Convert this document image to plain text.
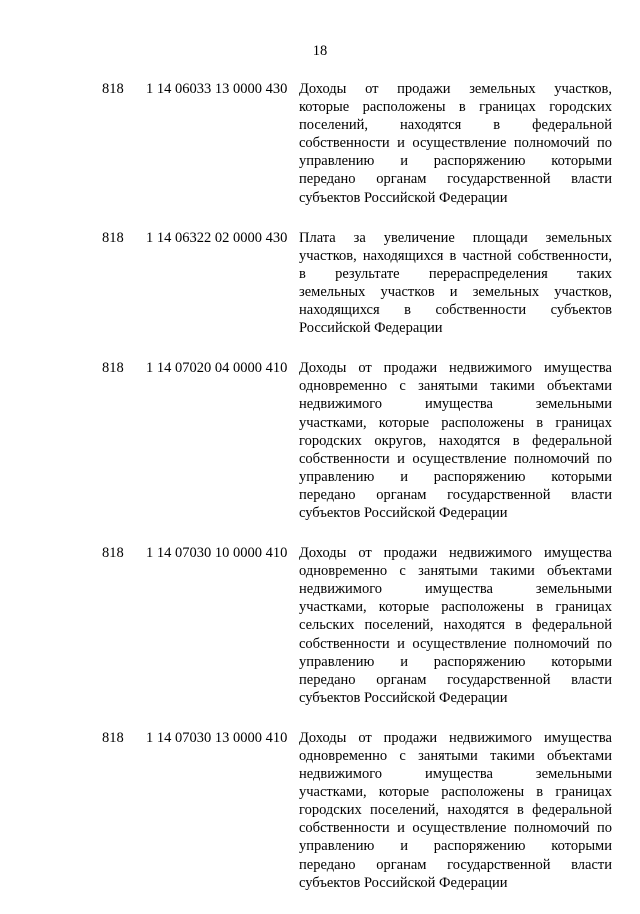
18
818 1 14 06033 13 0000 430 Доходы от продажи земельных участков,
которые расположены в границах городских
поселений, находятся в федеральной
собственности и осуществление полномочий по
управлению и распоряжению которыми
передано органам государственной власти
субъектов Российской Федерации
818 1 14 06322 02 0000 430 Плата за увеличение площади земельных
участков, находящихся в частной собственности,
в результате перераспределения таких
земельных участков и земельных участков,
находящихся в собственности субъектов
Российской Федерации
818 1 14 07020 04 0000 410 Доходы от продажи недвижимого имущества
одновременно с занятыми такими объектами
недвижимого имущества земельными
участками, которые расположены в границах
городских округов, находятся в федеральной
собственности и осуществление полномочий по
управлению и распоряжению которыми
передано органам государственной власти
субъектов Российской Федерации
818 1 14 07030 10 0000 410 Доходы от продажи недвижимого имущества
одновременно с занятыми такими объектами
недвижимого имущества земельными
участками, которые расположены в границах
сельских поселений, находятся в федеральной
собственности и осуществление полномочий по
управлению и распоряжению которыми
передано органам государственной власти
субъектов Российской Федерации
818 1 14 07030 13 0000 410 Доходы от продажи недвижимого имущества
одновременно с занятыми такими объектами
недвижимого имущества земельными
участками, которые расположены в границах
городских поселений, находятся в федеральной
собственности и осуществление полномочий по
управлению и распоряжению которыми
передано органам государственной власти
субъектов Российской Федерации
